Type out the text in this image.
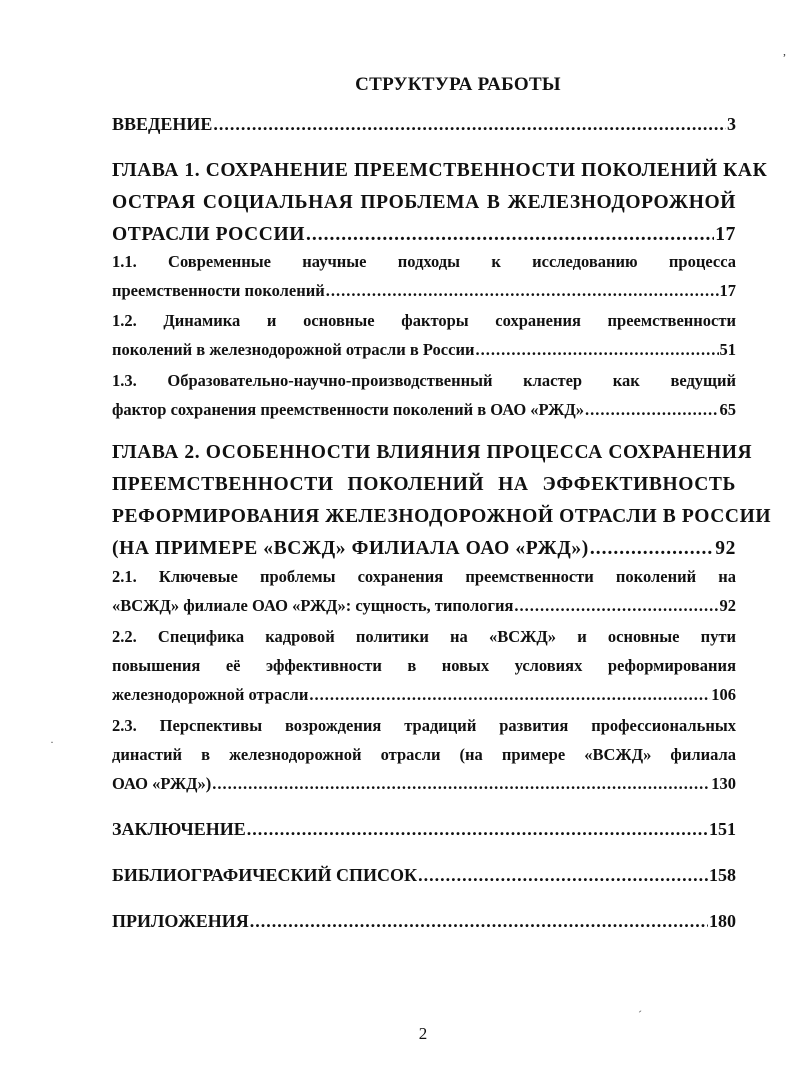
СТРУКТУРА РАБОТЫ
ВВЕДЕНИЕ .....	3
ГЛАВА 1. СОХРАНЕНИЕ ПРЕЕМСТВЕННОСТИ ПОКОЛЕНИЙ КАК
ОСТРАЯ СОЦИАЛЬНАЯ ПРОБЛЕМА В ЖЕЛЕЗНОДОРОЖНОЙ
ОТРАСЛИ РОССИИ .....	17
1.1. Современные научные подходы к исследованию процесса
преемственности поколений .....	17
1.2. Динамика и основные факторы сохранения преемственности
поколений в железнодорожной отрасли в России .....	51
1.3. Образовательно-научно-производственный кластер как ведущий
фактор сохранения преемственности поколений в ОАО «РЖД» .....	65
ГЛАВА 2. ОСОБЕННОСТИ ВЛИЯНИЯ ПРОЦЕССА СОХРАНЕНИЯ
ПРЕЕМСТВЕННОСТИ ПОКОЛЕНИЙ НА ЭФФЕКТИВНОСТЬ
РЕФОРМИРОВАНИЯ ЖЕЛЕЗНОДОРОЖНОЙ ОТРАСЛИ В РОССИИ
(НА ПРИМЕРЕ «ВСЖД» ФИЛИАЛА ОАО «РЖД») .....	92
2.1. Ключевые проблемы сохранения преемственности поколений на
«ВСЖД» филиале ОАО «РЖД»: сущность, типология .....	92
2.2. Специфика кадровой политики на «ВСЖД» и основные пути
повышения её эффективности в новых условиях реформирования
железнодорожной отрасли .....	106
2.3. Перспективы возрождения традиций развития профессиональных
династий в железнодорожной отрасли (на примере «ВСЖД» филиала
ОАО «РЖД») .....	130
ЗАКЛЮЧЕНИЕ .....	151
БИБЛИОГРАФИЧЕСКИЙ СПИСОК .....	158
ПРИЛОЖЕНИЯ .....	180
2
·
ˊ
,
